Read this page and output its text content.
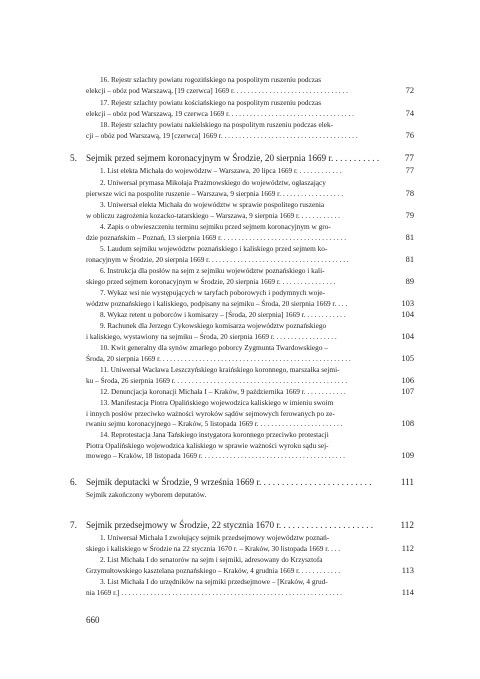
16. Rejestr szlachty powiatu rogozińskiego na pospolitym ruszeniu podczas
elekcji – obóz pod Warszawą, [19 czerwca] 1669 r. . . . . . . . . . . . . . . . . . . . . . . . . . . . . . . .	72
17. Rejestr szlachty powiatu kościańskiego na pospolitym ruszeniu podczas
elekcji – obóz pod Warszawą, 19 czerwca 1669 r. . . . . . . . . . . . . . . . . . . . . . . . . . . . . . . . . . .	74
18. Rejestr szlachty powiatu nakielskiego na pospolitym ruszeniu podczas elek-
cji – obóz pod Warszawą, 19 [czerwca] 1669 r. . . . . . . . . . . . . . . . . . . . . . . . . . . . . . . . . . . . . .	76
5. Sejmik przed sejmem koronacyjnym w Środzie, 20 sierpnia 1669 r. . . . . . . . . . .	77
1. List elekta Michała do województw – Warszawa, 20 lipca 1669 r. . . . . . . . . . . . .	77
2. Uniwersał prymasa Mikołaja Prażmowskiego do województw, ogłaszający
pierwsze wici na pospolite ruszenie – Warszawa, 9 sierpnia 1669 r. . . . . . . . . . . . . . . . . .	78
3. Uniwersał elekta Michała do województw w sprawie pospolitego ruszenia
w obliczu zagrożenia kozacko-tatarskiego – Warszawa, 9 sierpnia 1669 r. . . . . . . . . . . .	79
4. Zapis o obwieszczeniu terminu sejmiku przed sejmem koronacyjnym w gro-
dzie poznańskim – Poznań, 13 sierpnia 1669 r. . . . . . . . . . . . . . . . . . . . . . . . . . . . . . . . . . .	81
5. Laudum sejmiku województw poznańskiego i kaliskiego przed sejmem ko-
ronacyjnym w Środzie, 20 sierpnia 1669 r. . . . . . . . . . . . . . . . . . . . . . . . . . . . . . . . . . . . . . .	81
6. Instrukcja dla posłów na sejm z sejmiku województw poznańskiego i kali-
skiego przed sejmem koronacyjnym w Środzie, 20 sierpnia 1669 r. . . . . . . . . . . . . . . .	89
7. Wykaz wsi nie występujących w taryfach poborowych i podymnych woje-
wództw poznańskiego i kaliskiego, podpisany na sejmiku – Środa, 20 sierpnia 1669 r. . . .	103
8. Wykaz retent u poborców i komisarzy – [Środa, 20 sierpnia] 1669 r. . . . . . . . . . . .	104
9. Rachunek dla Jerzego Cykowskiego komisarza województw poznańskiego
i kaliskiego, wystawiony na sejmiku – Środa, 20 sierpnia 1669 r. . . . . . . . . . . . . . . . . .	104
10. Kwit generalny dla synów zmarłego poborcy Zygmunta Twardowskiego –
Środa, 20 sierpnia 1669 r. . . . . . . . . . . . . . . . . . . . . . . . . . . . . . . . . . . . . . . . . . . . . . . . . . . . .	105
11. Uniwersał Wacława Leszczyńskiego kraińskiego koronnego, marszałka sejmi-
ku – Środa, 26 sierpnia 1669 r. . . . . . . . . . . . . . . . . . . . . . . . . . . . . . . . . . . . . . . . . . . . . . . .	106
12. Denuncjacja koronacji Michała I – Kraków, 9 października 1669 r. . . . . . . . . . . .	107
13. Manifestacja Piotra Opalińskiego wojewodzica kaliskiego w imieniu swoim
i innych posłów przeciwko ważności wyroków sądów sejmowych ferowanych po ze-
rwaniu sejmu koronacyjnego – Kraków, 5 listopada 1669 r. . . . . . . . . . . . . . . . . . . . . . . .	108
14. Reprotestacja Jana Tańskiego instygatora koronnego przeciwko protestacji
Piotra Opalińskiego wojewodzica kaliskiego w sprawie ważności wyroku sądu sej-
mowego – Kraków, 18 listopada 1669 r. . . . . . . . . . . . . . . . . . . . . . . . . . . . . . . . . . . . . . . .	109
6. Sejmik deputacki w Środzie, 9 września 1669 r. . . . . . . . . . . . . . . . . . . . . . . . .	111
Sejmik zakończony wyborem deputatów.
7. Sejmik przedsejmowy w Środzie, 22 stycznia 1670 r. . . . . . . . . . . . . . . . . . . . .	112
1. Uniwersał Michała I zwołujący sejmik przedsejmowy województw poznań-
skiego i kaliskiego w Środzie na 22 stycznia 1670 r. – Kraków, 30 listopada 1669 r. . . .	112
2. List Michała I do senatorów na sejm i sejmiki, adresowany do Krzysztofa
Grzymułtowskiego kasztelana poznańskiego – Kraków, 4 grudnia 1669 r. . . . . . . . . . . .	113
3. List Michała I do urzędników na sejmiki przedsejmowe – [Kraków, 4 grud-
nia 1669 r.] . . . . . . . . . . . . . . . . . . . . . . . . . . . . . . . . . . . . . . . . . . . . . . . . . . . . . . . . . . . . .	114
660
